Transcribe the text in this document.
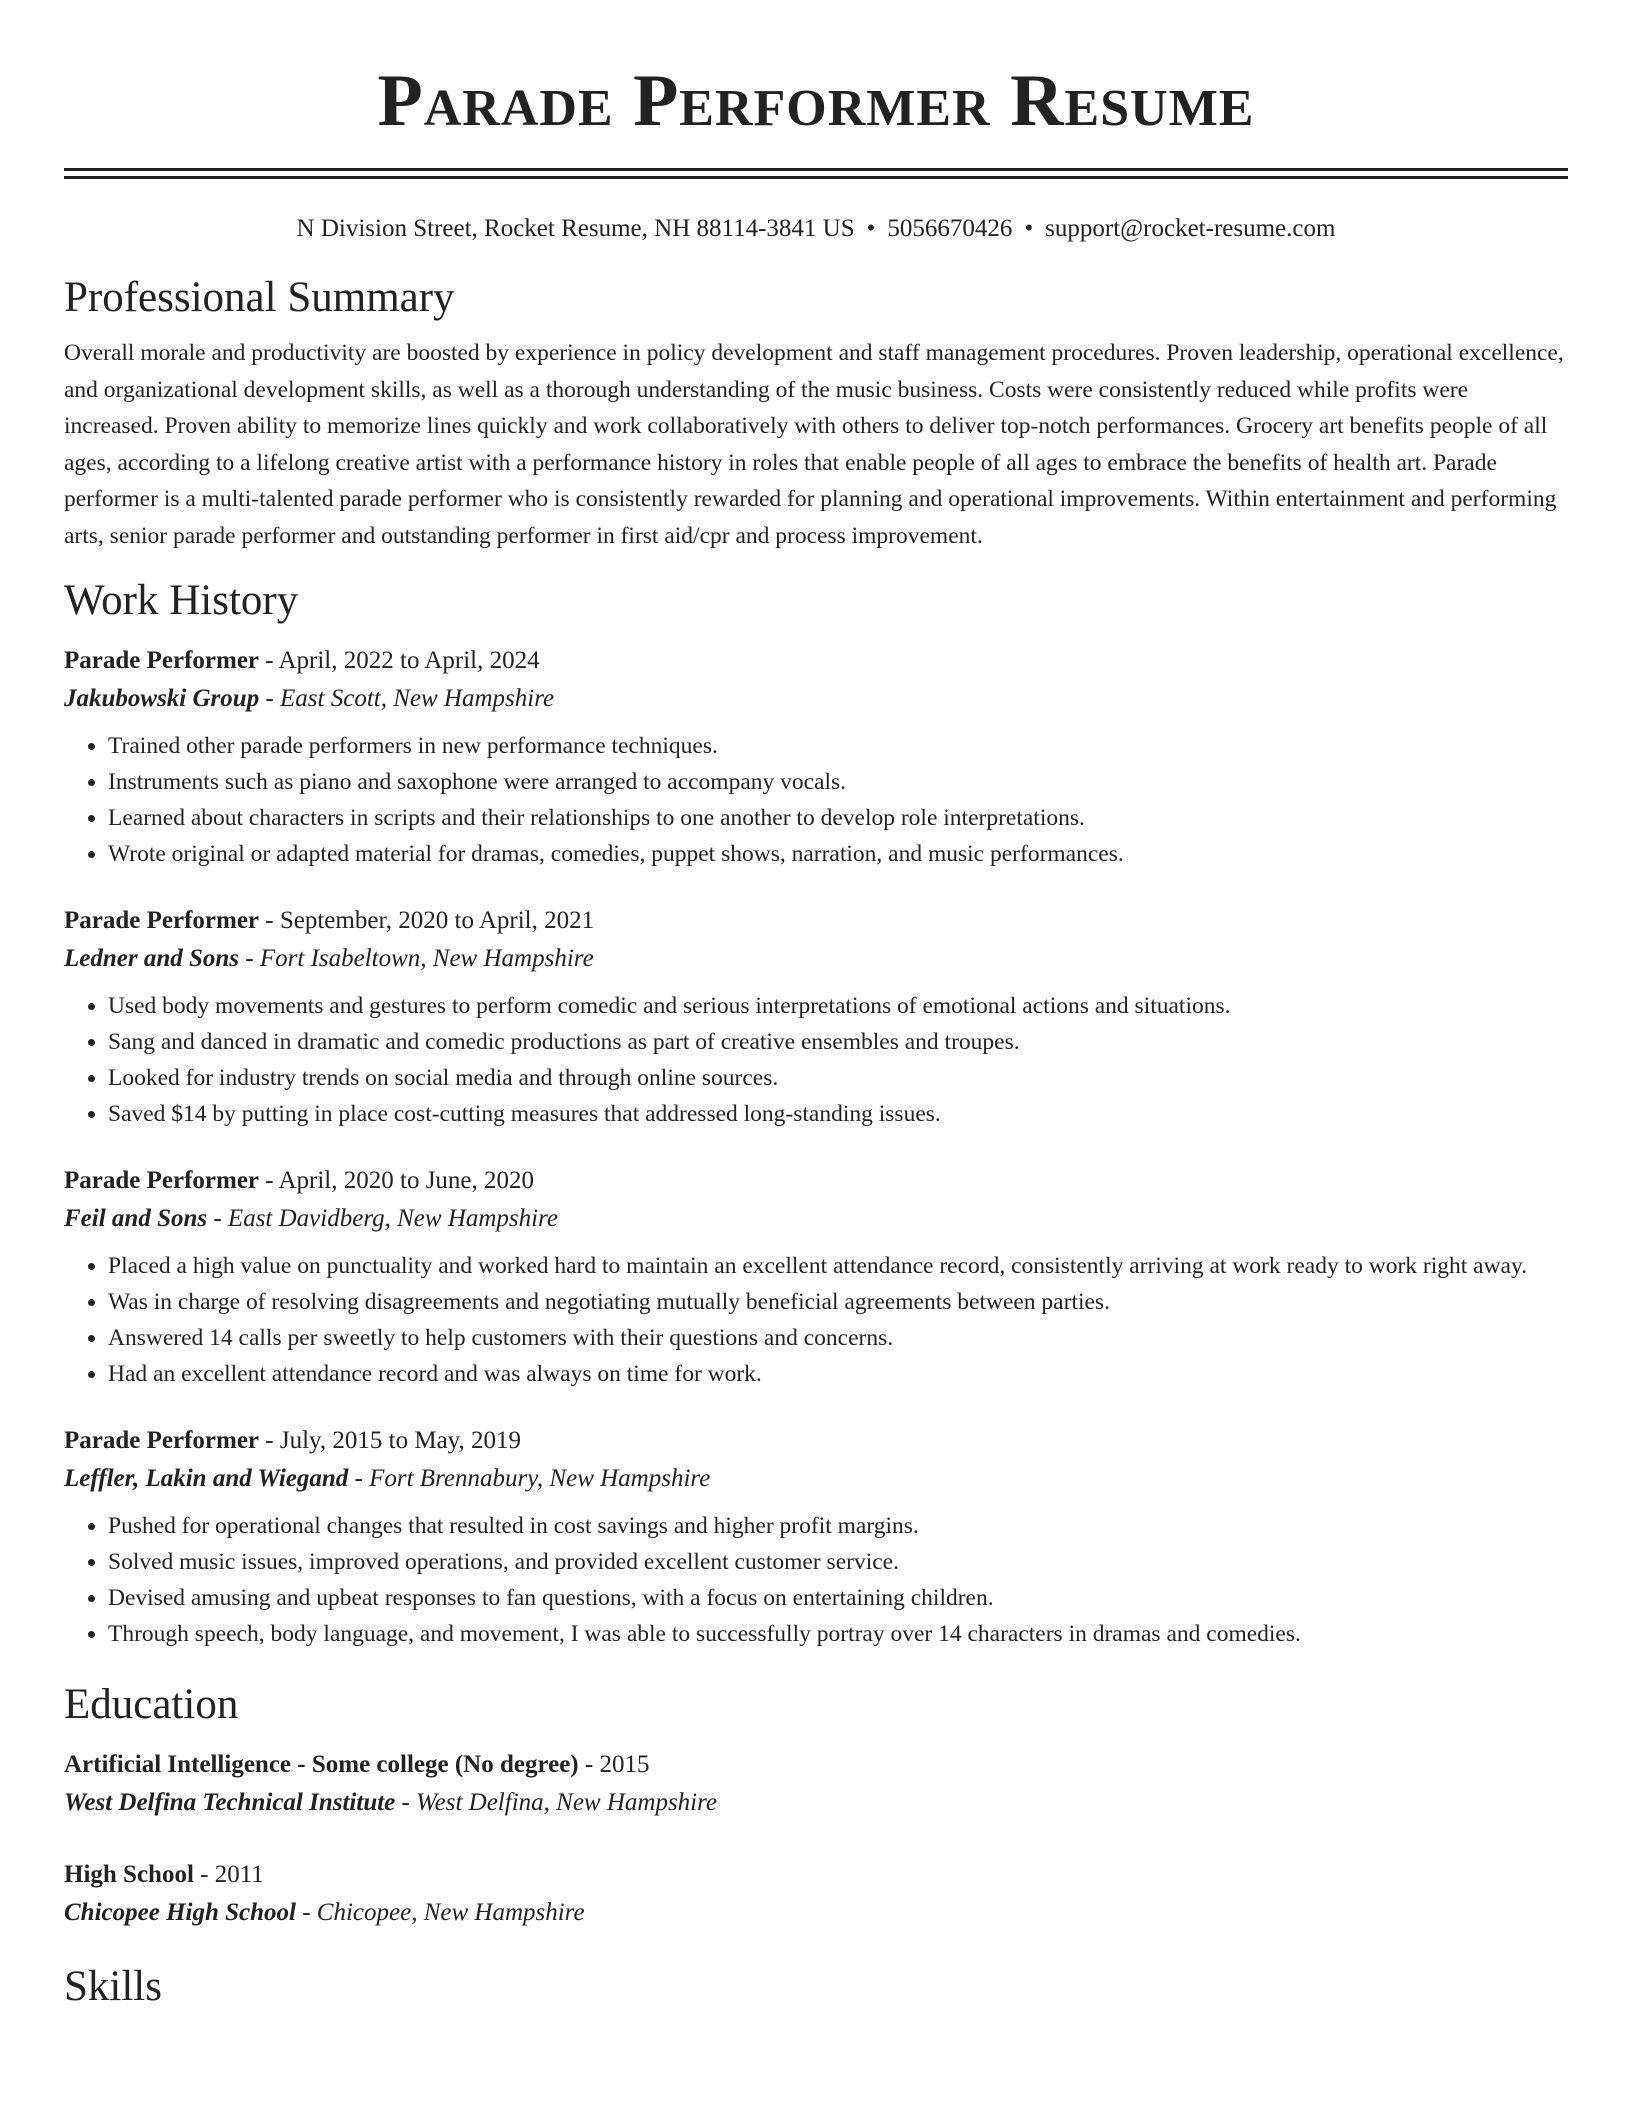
Parade Performer Resume
N Division Street, Rocket Resume, NH 88114-3841 US • 5056670426 • support@rocket-resume.com
Professional Summary

Overall morale and productivity are boosted by experience in policy development and staff management procedures. Proven leadership, operational excellence, and organizational development skills, as well as a thorough understanding of the music business. Costs were consistently reduced while profits were increased. Proven ability to memorize lines quickly and work collaboratively with others to deliver top-notch performances. Grocery art benefits people of all ages, according to a lifelong creative artist with a performance history in roles that enable people of all ages to embrace the benefits of health art. Parade performer is a multi-talented parade performer who is consistently rewarded for planning and operational improvements. Within entertainment and performing arts, senior parade performer and outstanding performer in first aid/cpr and process improvement.

Work History
Parade Performer - April, 2022 to April, 2024
Jakubowski Group - East Scott, New Hampshire
• Trained other parade performers in new performance techniques.
• Instruments such as piano and saxophone were arranged to accompany vocals.
• Learned about characters in scripts and their relationships to one another to develop role interpretations.
• Wrote original or adapted material for dramas, comedies, puppet shows, narration, and music performances.
Parade Performer - September, 2020 to April, 2021
Ledner and Sons - Fort Isabeltown, New Hampshire
• Used body movements and gestures to perform comedic and serious interpretations of emotional actions and situations.
• Sang and danced in dramatic and comedic productions as part of creative ensembles and troupes.
• Looked for industry trends on social media and through online sources.
• Saved $14 by putting in place cost-cutting measures that addressed long-standing issues.
Parade Performer - April, 2020 to June, 2020
Feil and Sons - East Davidberg, New Hampshire
• Placed a high value on punctuality and worked hard to maintain an excellent attendance record, consistently arriving at work ready to work right away.
• Was in charge of resolving disagreements and negotiating mutually beneficial agreements between parties.
• Answered 14 calls per sweetly to help customers with their questions and concerns.
• Had an excellent attendance record and was always on time for work.
Parade Performer - July, 2015 to May, 2019
Leffler, Lakin and Wiegand - Fort Brennabury, New Hampshire
• Pushed for operational changes that resulted in cost savings and higher profit margins.
• Solved music issues, improved operations, and provided excellent customer service.
• Devised amusing and upbeat responses to fan questions, with a focus on entertaining children.
• Through speech, body language, and movement, I was able to successfully portray over 14 characters in dramas and comedies.
Education
Artificial Intelligence - Some college (No degree) - 2015
West Delfina Technical Institute - West Delfina, New Hampshire
High School - 2011
Chicopee High School - Chicopee, New Hampshire
Skills
